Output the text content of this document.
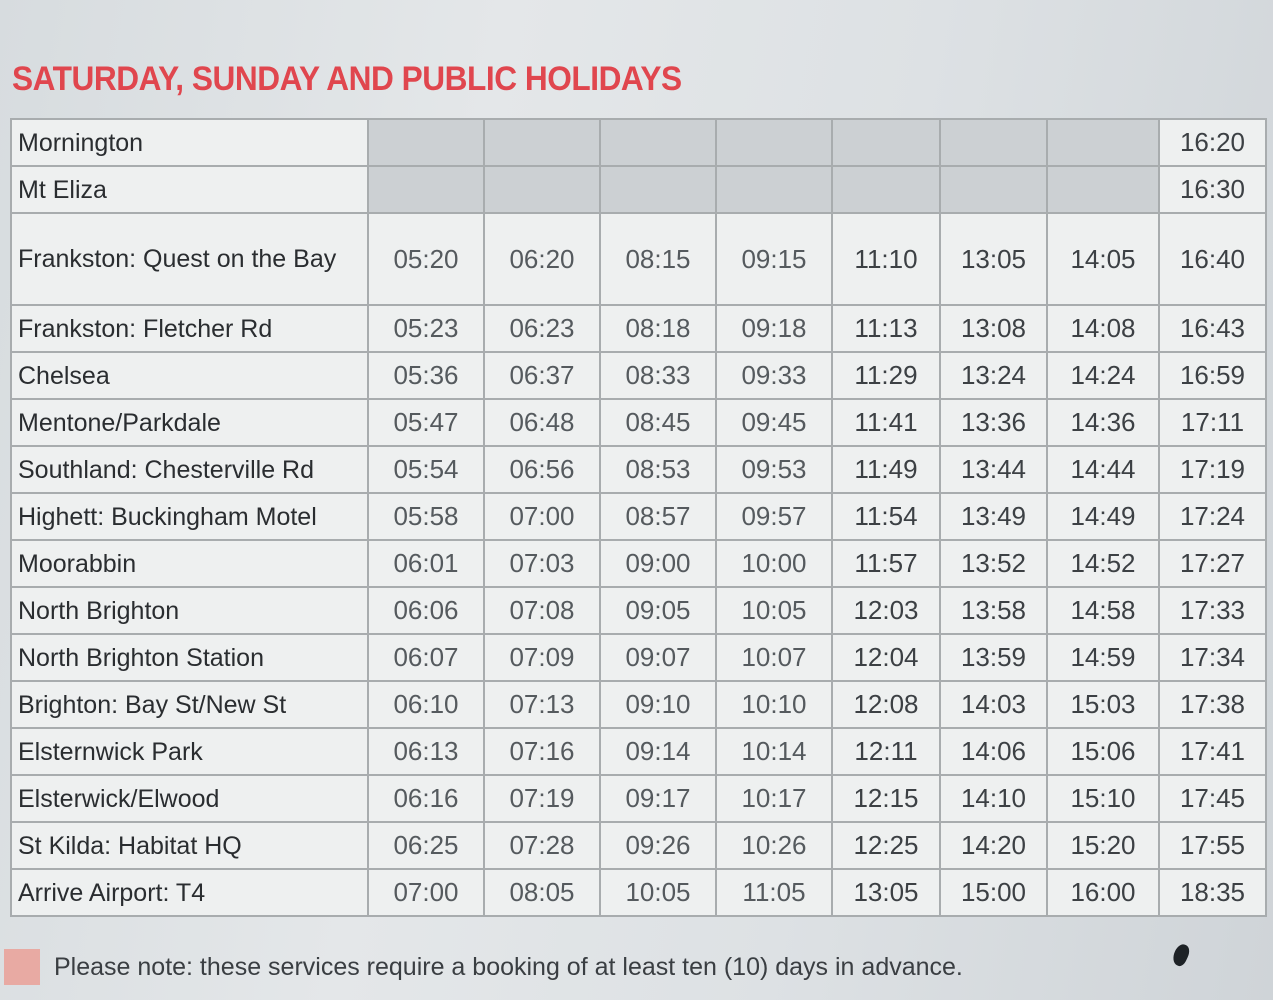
SATURDAY, SUNDAY AND PUBLIC HOLIDAYS
Mornington								16:20
Mt Eliza								16:30
Frankston: Quest on the Bay	05:20	06:20	08:15	09:15	11:10	13:05	14:05	16:40
Frankston: Fletcher Rd	05:23	06:23	08:18	09:18	11:13	13:08	14:08	16:43
Chelsea	05:36	06:37	08:33	09:33	11:29	13:24	14:24	16:59
Mentone/Parkdale	05:47	06:48	08:45	09:45	11:41	13:36	14:36	17:11
Southland: Chesterville Rd	05:54	06:56	08:53	09:53	11:49	13:44	14:44	17:19
Highett: Buckingham Motel	05:58	07:00	08:57	09:57	11:54	13:49	14:49	17:24
Moorabbin	06:01	07:03	09:00	10:00	11:57	13:52	14:52	17:27
North Brighton	06:06	07:08	09:05	10:05	12:03	13:58	14:58	17:33
North Brighton Station	06:07	07:09	09:07	10:07	12:04	13:59	14:59	17:34
Brighton: Bay St/New St	06:10	07:13	09:10	10:10	12:08	14:03	15:03	17:38
Elsternwick Park	06:13	07:16	09:14	10:14	12:11	14:06	15:06	17:41
Elsterwick/Elwood	06:16	07:19	09:17	10:17	12:15	14:10	15:10	17:45
St Kilda: Habitat HQ	06:25	07:28	09:26	10:26	12:25	14:20	15:20	17:55
Arrive Airport: T4	07:00	08:05	10:05	11:05	13:05	15:00	16:00	18:35
Please note: these services require a booking of at least ten (10) days in advance.
